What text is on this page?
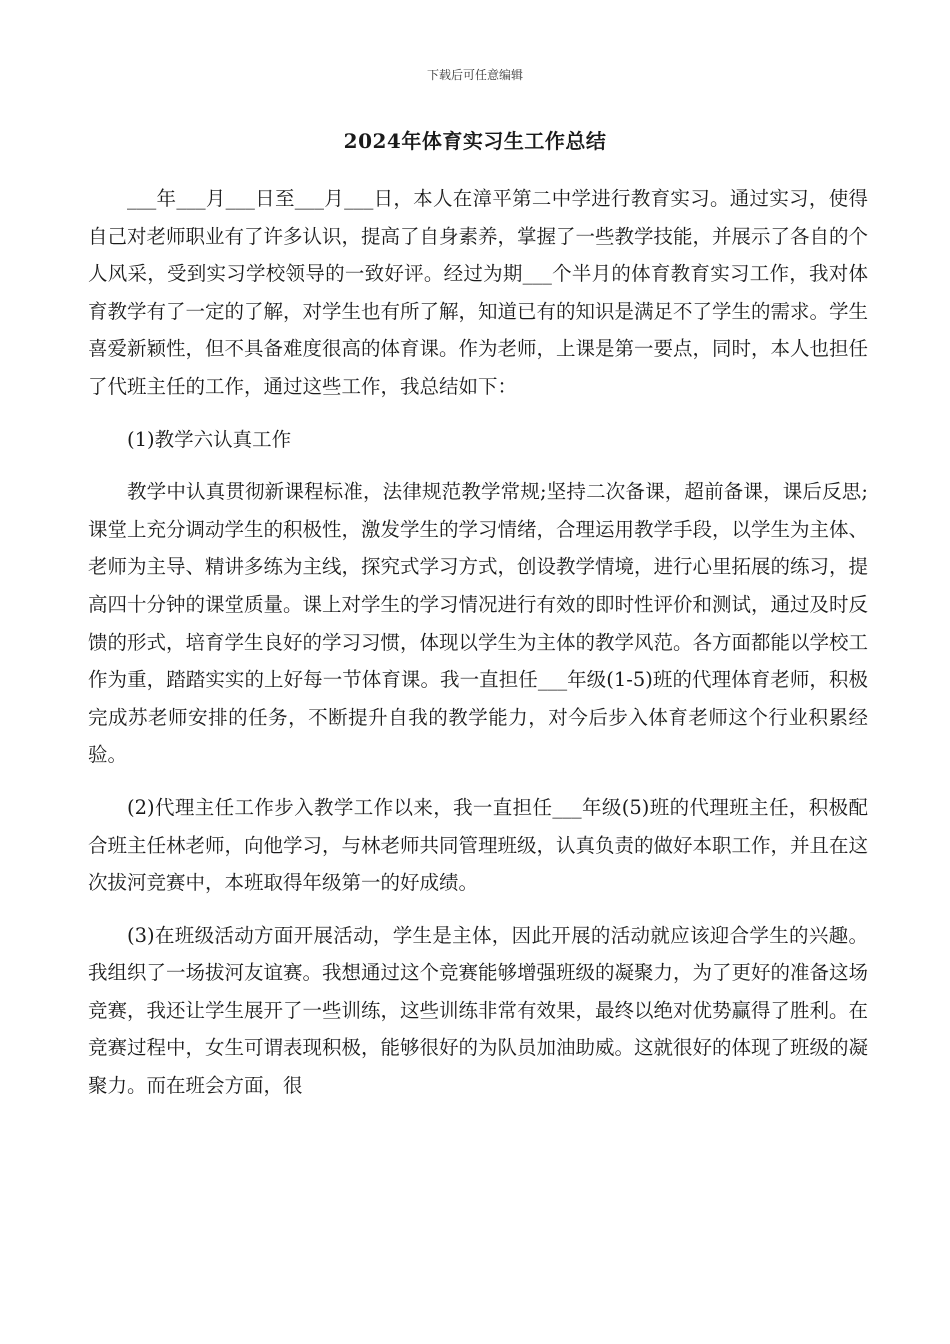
下载后可任意编辑
2024年体育实习生工作总结

___年___月___日至___月___日，本人在漳平第二中学进行教育实习。通过实习，使得自己对老师职业有了许多认识，提高了自身素养，掌握了一些教学技能，并展示了各自的个人风采，受到实习学校领导的一致好评。经过为期___个半月的体育教育实习工作，我对体育教学有了一定的了解，对学生也有所了解，知道已有的知识是满足不了学生的需求。学生喜爱新颖性，但不具备难度很高的体育课。作为老师，上课是第一要点，同时，本人也担任了代班主任的工作，通过这些工作，我总结如下：

(1)教学六认真工作

教学中认真贯彻新课程标准，法律规范教学常规;坚持二次备课，超前备课，课后反思;课堂上充分调动学生的积极性，激发学生的学习情绪，合理运用教学手段，以学生为主体、老师为主导、精讲多练为主线，探究式学习方式，创设教学情境，进行心里拓展的练习，提高四十分钟的课堂质量。课上对学生的学习情况进行有效的即时性评价和测试，通过及时反馈的形式，培育学生良好的学习习惯，体现以学生为主体的教学风范。各方面都能以学校工作为重，踏踏实实的上好每一节体育课。我一直担任___年级(1-5)班的代理体育老师，积极完成苏老师安排的任务，不断提升自我的教学能力，对今后步入体育老师这个行业积累经验。

(2)代理主任工作步入教学工作以来，我一直担任___年级(5)班的代理班主任，积极配合班主任林老师，向他学习，与林老师共同管理班级，认真负责的做好本职工作，并且在这次拔河竞赛中，本班取得年级第一的好成绩。

(3)在班级活动方面开展活动，学生是主体，因此开展的活动就应该迎合学生的兴趣。我组织了一场拔河友谊赛。我想通过这个竞赛能够增强班级的凝聚力，为了更好的准备这场竞赛，我还让学生展开了一些训练，这些训练非常有效果，最终以绝对优势赢得了胜利。在竞赛过程中，女生可谓表现积极，能够很好的为队员加油助威。这就很好的体现了班级的凝聚力。而在班会方面，很
